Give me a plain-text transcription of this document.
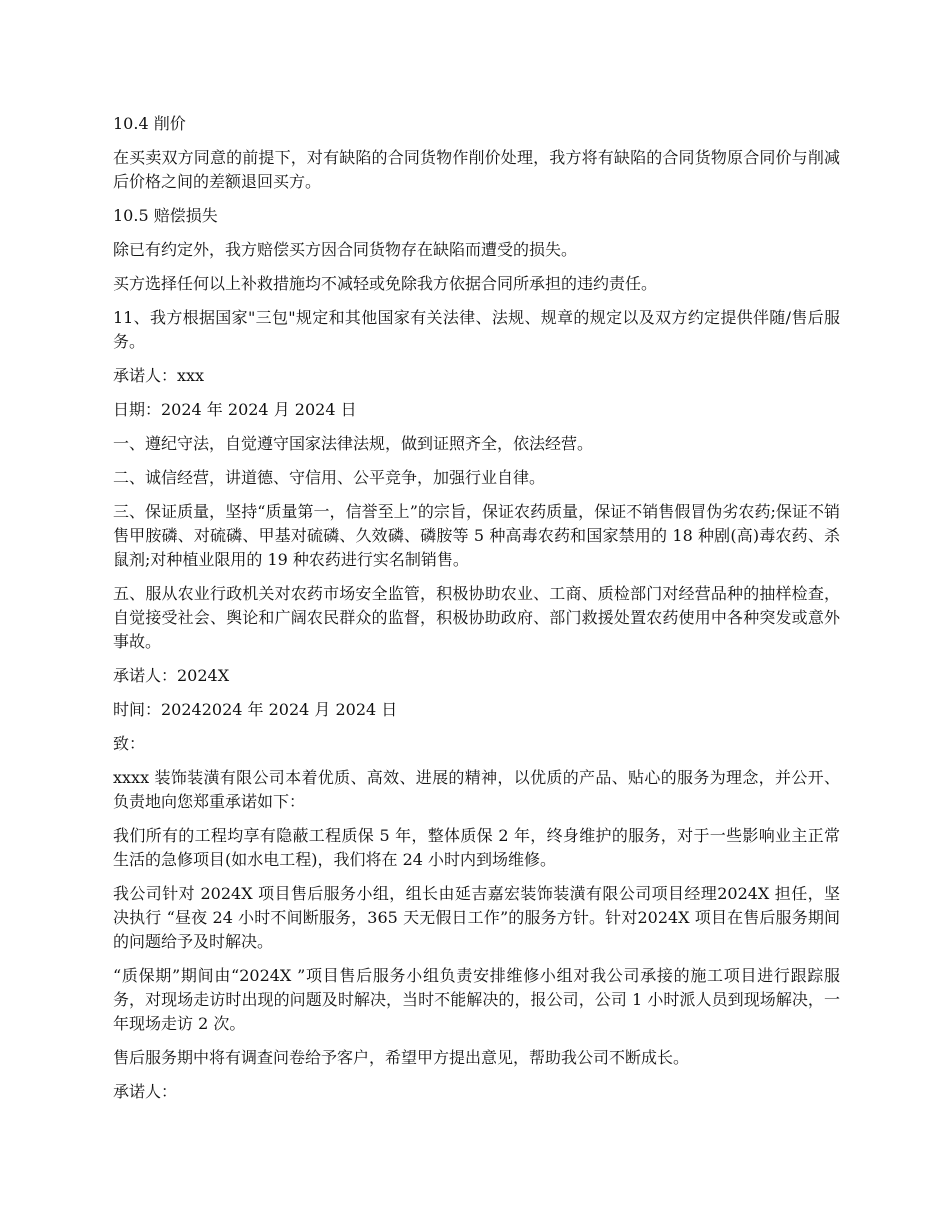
10.4 削价

在买卖双方同意的前提下，对有缺陷的合同货物作削价处理，我方将有缺陷的合同货物原合同价与削减后价格之间的差额退回买方。

10.5 赔偿损失

除已有约定外，我方赔偿买方因合同货物存在缺陷而遭受的损失。

买方选择任何以上补救措施均不减轻或免除我方依据合同所承担的违约责任。

11、我方根据国家"三包"规定和其他国家有关法律、法规、规章的规定以及双方约定提供伴随/售后服务。

承诺人：xxx

日期：2024 年 2024 月 2024 日

一、遵纪守法，自觉遵守国家法律法规，做到证照齐全，依法经营。

二、诚信经营，讲道德、守信用、公平竞争，加强行业自律。

三、保证质量，坚持“质量第一，信誉至上”的宗旨，保证农药质量，保证不销售假冒伪劣农药;保证不销售甲胺磷、对硫磷、甲基对硫磷、久效磷、磷胺等 5 种高毒农药和国家禁用的 18 种剧(高)毒农药、杀鼠剂;对种植业限用的 19 种农药进行实名制销售。

五、服从农业行政机关对农药市场安全监管，积极协助农业、工商、质检部门对经营品种的抽样检查，自觉接受社会、舆论和广阔农民群众的监督，积极协助政府、部门救援处置农药使用中各种突发或意外事故。

承诺人：2024X

时间：20242024 年 2024 月 2024 日

致：

xxxx 装饰装潢有限公司本着优质、高效、进展的精神，以优质的产品、贴心的服务为理念，并公开、负责地向您郑重承诺如下：

我们所有的工程均享有隐蔽工程质保 5 年，整体质保 2 年，终身维护的服务，对于一些影响业主正常生活的急修项目(如水电工程)，我们将在 24 小时内到场维修。

我公司针对 2024X 项目售后服务小组，组长由延吉嘉宏装饰装潢有限公司项目经理2024X 担任，坚决执行 “昼夜 24 小时不间断服务，365 天无假日工作”的服务方针。针对2024X 项目在售后服务期间的问题给予及时解决。

“质保期”期间由“2024X ”项目售后服务小组负责安排维修小组对我公司承接的施工项目进行跟踪服务，对现场走访时出现的问题及时解决，当时不能解决的，报公司，公司 1 小时派人员到现场解决，一年现场走访 2 次。

售后服务期中将有调查问卷给予客户，希望甲方提出意见，帮助我公司不断成长。

承诺人：
